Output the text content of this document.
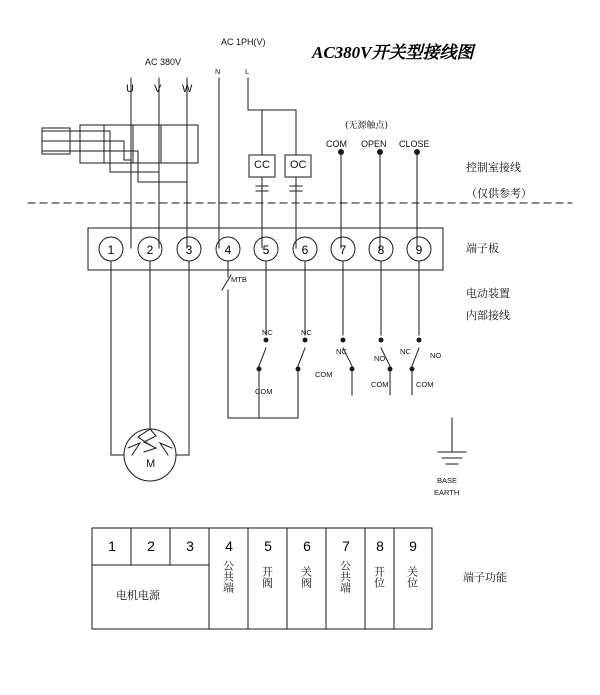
AC380V开关型接线图
AC 380V
AC 1PH(V)
U V W
N	L
(无源触点)
COM OPEN CLOSE
CC OC
MTB
NC	NC
COM
COM
NC
NO
NC	NO
COM	COM
M
BASE
EARTH
控制室接线
（仅供参考）
端子板
电动装置
内部接线
端子功能
1	2	3	4	5	6	7	8	9
1	2	3	4	5	6	7	8	9
电机电源
公共端 开阀 关阀 公共端 开位 关位
